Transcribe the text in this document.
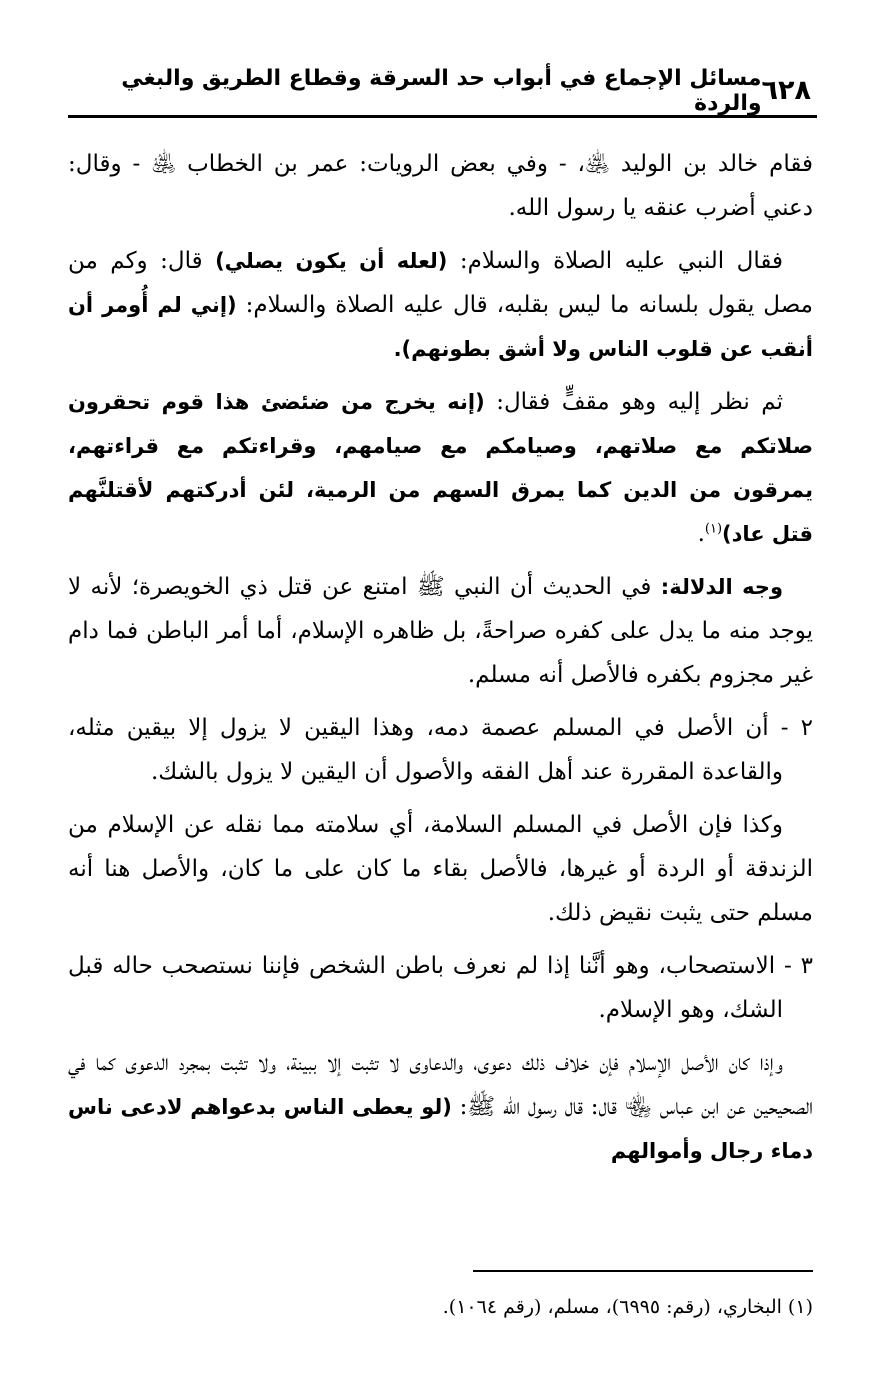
٦٢٨
مسائل الإجماع في أبواب حد السرقة وقطاع الطريق والبغي والردة

فقام خالد بن الوليد ﵁، - وفي بعض الرويات: عمر بن الخطاب ﵁ - وقال: دعني أضرب عنقه يا رسول الله.

فقال النبي عليه الصلاة والسلام: (لعله أن يكون يصلي) قال: وكم من مصل يقول بلسانه ما ليس بقلبه، قال عليه الصلاة والسلام: (إني لم أُومر أن أنقب عن قلوب الناس ولا أشق بطونهم).

ثم نظر إليه وهو مقفٍّ فقال: (إنه يخرج من ضئضئ هذا قوم تحقرون صلاتكم مع صلاتهم، وصيامكم مع صيامهم، وقراءتكم مع قراءتهم، يمرقون من الدين كما يمرق السهم من الرمية، لئن أدركتهم لأقتلنَّهم قتل عاد)$^{(١)}$.

وجه الدلالة: في الحديث أن النبي ﷺ امتنع عن قتل ذي الخويصرة؛ لأنه لا يوجد منه ما يدل على كفره صراحةً، بل ظاهره الإسلام، أما أمر الباطن فما دام غير مجزوم بكفره فالأصل أنه مسلم.

٢ - أن الأصل في المسلم عصمة دمه، وهذا اليقين لا يزول إلا بيقين مثله، والقاعدة المقررة عند أهل الفقه والأصول أن اليقين لا يزول بالشك.

وكذا فإن الأصل في المسلم السلامة، أي سلامته مما نقله عن الإسلام من الزندقة أو الردة أو غيرها، فالأصل بقاء ما كان على ما كان، والأصل هنا أنه مسلم حتى يثبت نقيض ذلك.

٣ - الاستصحاب، وهو أنَّنا إذا لم نعرف باطن الشخص فإننا نستصحب حاله قبل الشك، وهو الإسلام.

وإذا كان الأصل الإسلام فإن خلاف ذلك دعوى، والدعاوى لا تثبت إلا ببينة، ولا تثبت بمجرد الدعوى كما في الصحيحين عن ابن عباس ﵄ قال: قال رسول الله ﷺ: (لو يعطى الناس بدعواهم لادعى ناس دماء رجال وأموالهم

(١) البخاري، (رقم: ٦٩٩٥)، مسلم، (رقم ١٠٦٤).
